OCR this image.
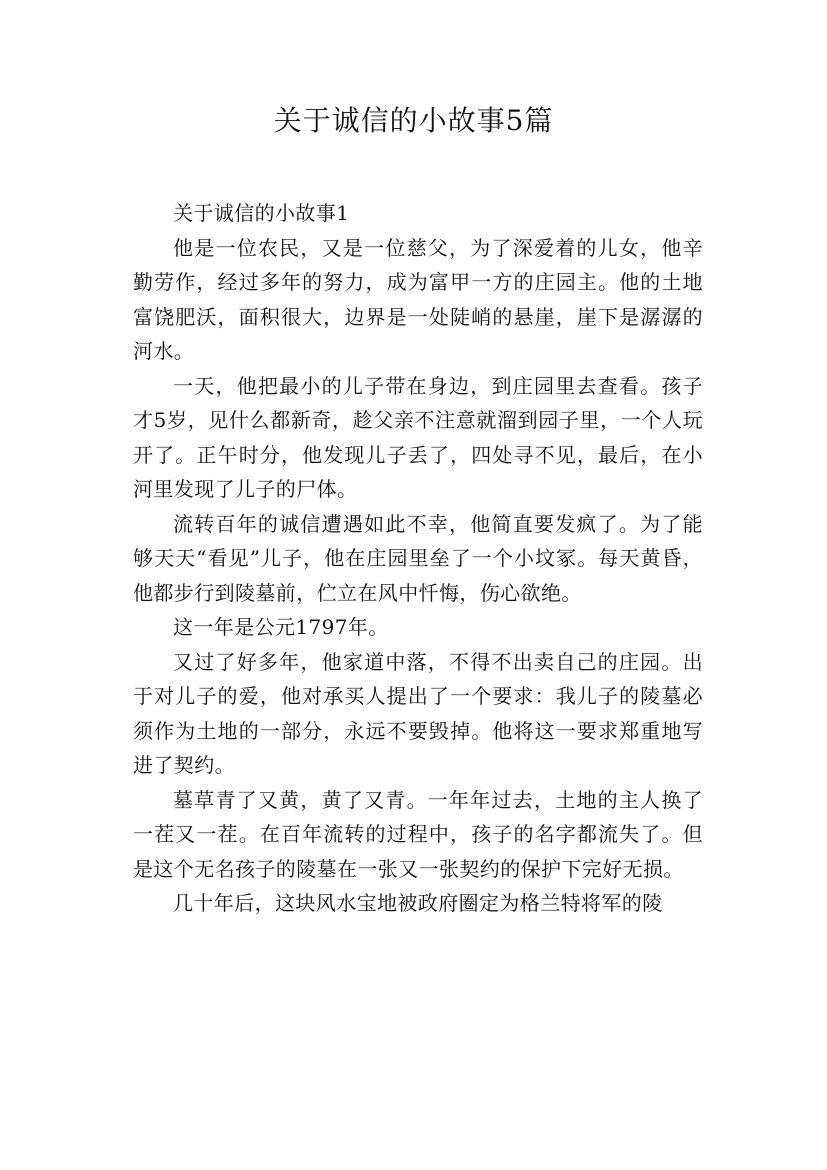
关于诚信的小故事5篇

关于诚信的小故事1

他是一位农民，又是一位慈父，为了深爱着的儿女，他辛勤劳作，经过多年的努力，成为富甲一方的庄园主。他的土地富饶肥沃，面积很大，边界是一处陡峭的悬崖，崖下是潺潺的河水。

一天，他把最小的儿子带在身边，到庄园里去查看。孩子才5岁，见什么都新奇，趁父亲不注意就溜到园子里，一个人玩开了。正午时分，他发现儿子丢了，四处寻不见，最后，在小河里发现了儿子的尸体。

流转百年的诚信遭遇如此不幸，他简直要发疯了。为了能够天天“看见”儿子，他在庄园里垒了一个小坟冢。每天黄昏，他都步行到陵墓前，伫立在风中忏悔，伤心欲绝。

这一年是公元1797年。

又过了好多年，他家道中落，不得不出卖自己的庄园。出于对儿子的爱，他对承买人提出了一个要求：我儿子的陵墓必须作为土地的一部分，永远不要毁掉。他将这一要求郑重地写进了契约。

墓草青了又黄，黄了又青。一年年过去，土地的主人换了一茬又一茬。在百年流转的过程中，孩子的名字都流失了。但是这个无名孩子的陵墓在一张又一张契约的保护下完好无损。

几十年后，这块风水宝地被政府圈定为格兰特将军的陵
